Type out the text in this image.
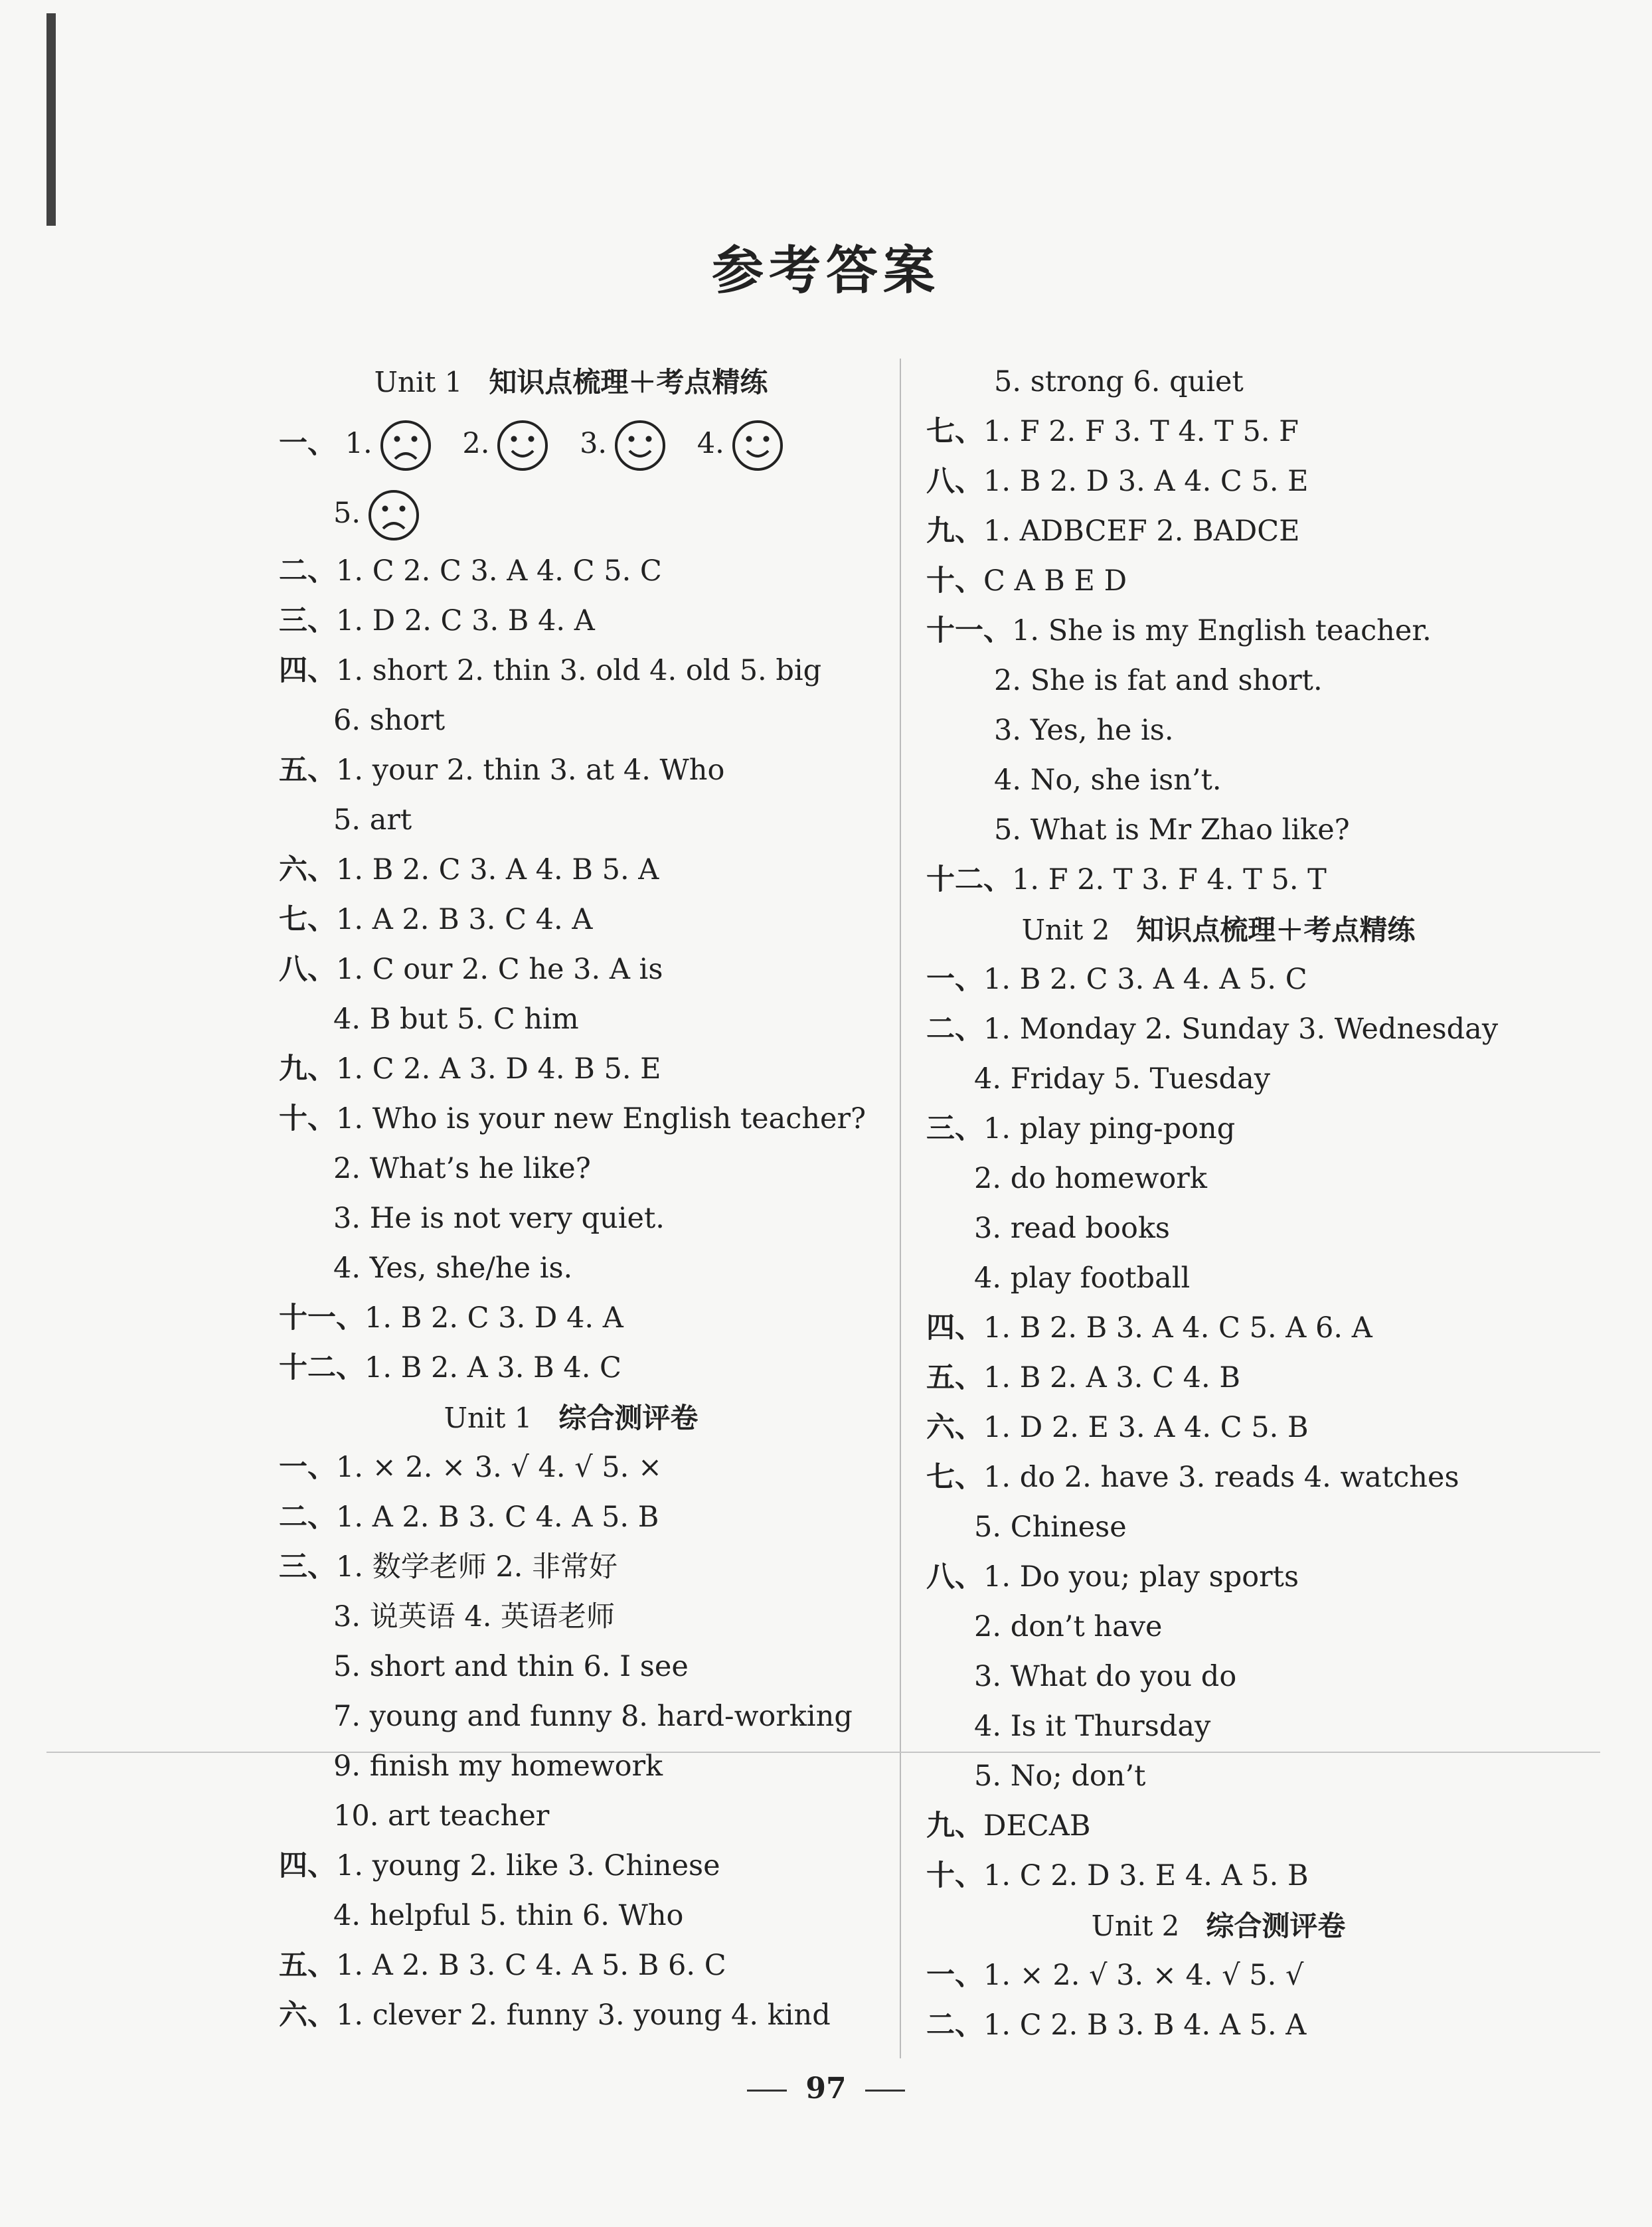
参考答案
Unit 1 知识点梳理＋考点精练
一、 1.	2.	3.	4.
5.
二、1. C 2. C 3. A 4. C 5. C
三、1. D 2. C 3. B 4. A
四、1. short 2. thin 3. old 4. old 5. big
6. short
五、1. your 2. thin 3. at 4. Who
5. art
六、1. B 2. C 3. A 4. B 5. A
七、1. A 2. B 3. C 4. A
八、1. C our 2. C he 3. A is
4. B but 5. C him
九、1. C 2. A 3. D 4. B 5. E
十、1. Who is your new English teacher?
2. What’s he like?
3. He is not very quiet.
4. Yes, she/he is.
十一、1. B 2. C 3. D 4. A
十二、1. B 2. A 3. B 4. C
Unit 1 综合测评卷
一、1. × 2. × 3. √ 4. √ 5. ×
二、1. A 2. B 3. C 4. A 5. B
三、1. 数学老师 2. 非常好
3. 说英语 4. 英语老师
5. short and thin 6. I see
7. young and funny 8. hard-working
9. finish my homework
10. art teacher
四、1. young 2. like 3. Chinese
4. helpful 5. thin 6. Who
五、1. A 2. B 3. C 4. A 5. B 6. C
六、1. clever 2. funny 3. young 4. kind
5. strong 6. quiet
七、1. F 2. F 3. T 4. T 5. F
八、1. B 2. D 3. A 4. C 5. E
九、1. ADBCEF 2. BADCE
十、C A B E D
十一、1. She is my English teacher.
2. She is fat and short.
3. Yes, he is.
4. No, she isn’t.
5. What is Mr Zhao like?
十二、1. F 2. T 3. F 4. T 5. T
Unit 2 知识点梳理＋考点精练
一、1. B 2. C 3. A 4. A 5. C
二、1. Monday 2. Sunday 3. Wednesday
4. Friday 5. Tuesday
三、1. play ping-pong
2. do homework
3. read books
4. play football
四、1. B 2. B 3. A 4. C 5. A 6. A
五、1. B 2. A 3. C 4. B
六、1. D 2. E 3. A 4. C 5. B
七、1. do 2. have 3. reads 4. watches
5. Chinese
八、1. Do you; play sports
2. don’t have
3. What do you do
4. Is it Thursday
5. No; don’t
九、DECAB
十、1. C 2. D 3. E 4. A 5. B
Unit 2 综合测评卷
一、1. × 2. √ 3. × 4. √ 5. √
二、1. C 2. B 3. B 4. A 5. A
97
